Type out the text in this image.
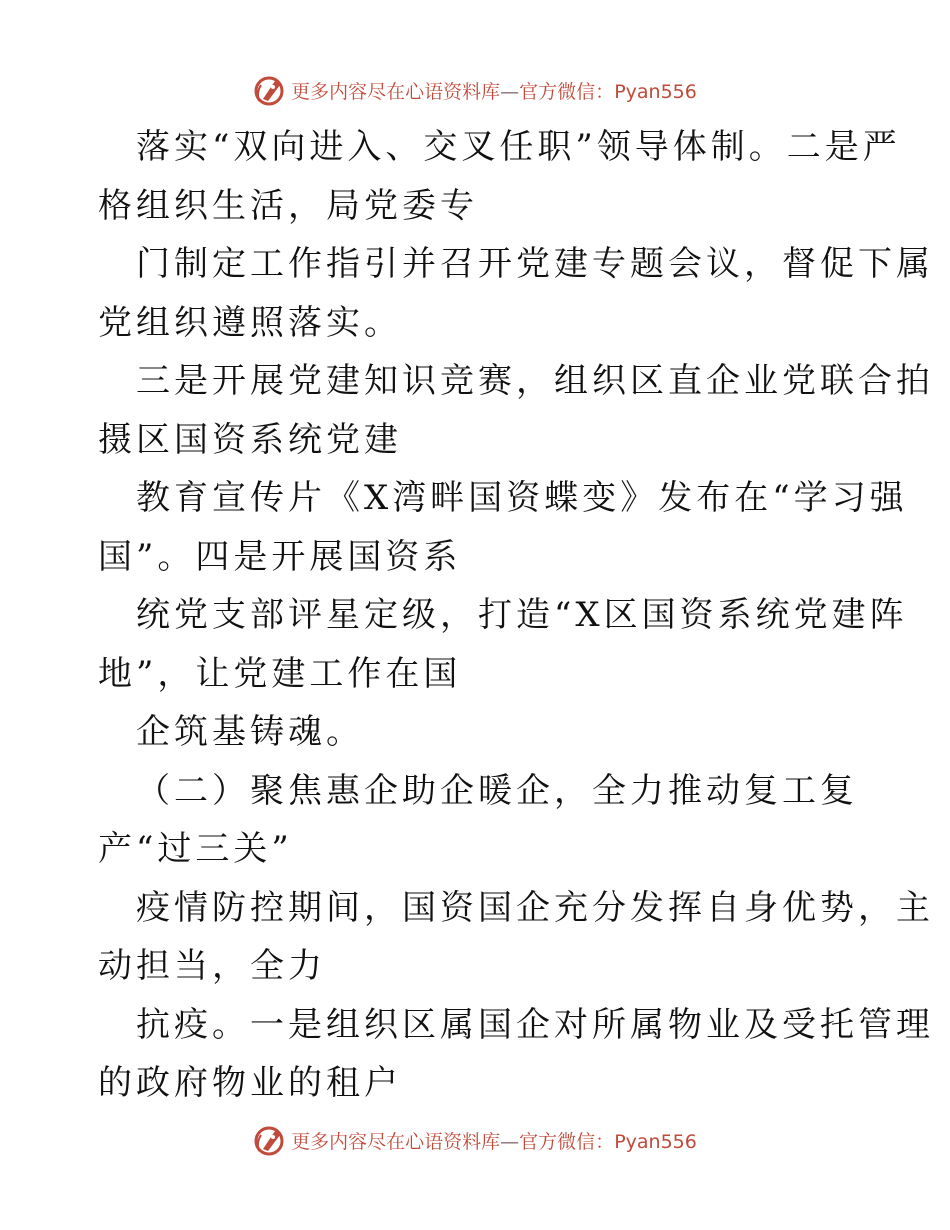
更多内容尽在心语资料库—官方微信：Pyan556
落实“双向进入、交叉任职”领导体制。二是严
格组织生活，局党委专
门制定工作指引并召开党建专题会议，督促下属
党组织遵照落实。
三是开展党建知识竞赛，组织区直企业党联合拍
摄区国资系统党建
教育宣传片《X湾畔国资蝶变》发布在“学习强
国”。四是开展国资系
统党支部评星定级，打造“X区国资系统党建阵
地”，让党建工作在国
企筑基铸魂。
（二）聚焦惠企助企暖企，全力推动复工复
产“过三关”
疫情防控期间，国资国企充分发挥自身优势，主
动担当，全力
抗疫。一是组织区属国企对所属物业及受托管理
的政府物业的租户
更多内容尽在心语资料库—官方微信：Pyan556
